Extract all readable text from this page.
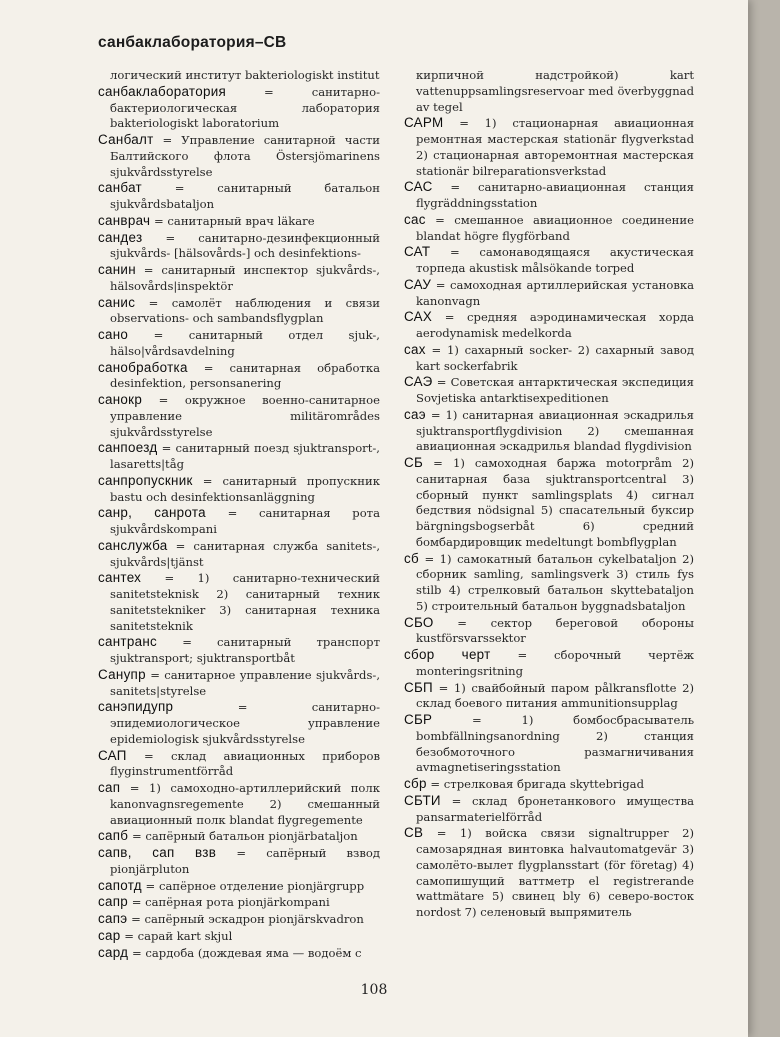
санбаклаборатория–СВ
логический институт bakteriologiskt institut
санбаклаборатория	= санитарно-бактериологическая лаборатория bakteriologiskt laboratorium
Санбалт = Управление санитарной части Балтийского флота Östersjömarinens sjukvårdsstyrelse
санбат	= санитарный батальон sjukvårdsbataljon
санврач = санитарный врач läkare
сандез = санитарно-дезинфекционный sjukvårds- [hälsovårds-] och desinfektions-
санин = санитарный инспектор sjukvårds-, hälsovårds|inspektör
санис = самолёт наблюдения и связи observations- och sambandsflygplan
сано = санитарный отдел sjuk-, hälso|vårdsavdelning
санобработка = санитарная обработка desinfektion, personsanering
санокр = окружное военно-санитарное управление militärområdes sjukvårdsstyrelse
санпоезд = санитарный поезд sjuktransport-, lasaretts|tåg
санпропускник = санитарный пропускник bastu och desinfektionsanläggning
санр, санрота = санитарная рота sjukvårdskompani
санслужба = санитарная служба sanitets-, sjukvårds|tjänst
сантех = 1) санитарно-технический sanitetsteknisk 2) санитарный техник sanitetstekniker 3) санитарная техника sanitetsteknik
сантранс = санитарный транспорт sjuktransport; sjuktransportbåt
Санупр = санитарное управление sjukvårds-, sanitets|styrelse
санэпидупр	= санитарно-эпидемиологическое управление epidemiologisk sjukvårdsstyrelse
САП = склад авиационных приборов flyginstrumentförråd
сап = 1) самоходно-артиллерийский полк kanonvagnsregemente 2) смешанный авиационный полк blandat flygregemente
сапб = сапёрный батальон pionjärbataljon
сапв, сап взв = сапёрный взвод pionjärpluton
сапотд = сапёрное отделение pionjärgrupp
сапр = сапёрная рота pionjärkompani
сапэ = сапёрный эскадрон pionjärskvadron
сар = сарай kart skjul
сард = сардоба (дождевая яма — водоём с
кирпичной надстройкой) kart vattenuppsamlingsreservoar med överbyggnad av tegel
САРМ = 1) стационарная авиационная ремонтная мастерская stationär flygverkstad 2) стационарная авторемонтная мастерская stationär bilreparationsverkstad
САС = санитарно-авиационная станция flygräddningsstation
сас = смешанное авиационное соединение blandat högre flygförband
САТ = самонаводящаяся акустическая торпеда akustisk målsökande torped
САУ = самоходная артиллерийская установка kanonvagn
САХ = средняя аэродинамическая хорда aerodynamisk medelkorda
сах = 1) сахарный socker- 2) сахарный завод kart sockerfabrik
САЭ = Советская антарктическая экспедиция Sovjetiska antarktisexpeditionen
саэ = 1) санитарная авиационная эскадрилья sjuktransportflygdivision 2) смешанная авиационная эскадрилья blandad flygdivision
СБ = 1) самоходная баржа motorpråm 2) санитарная база sjuktransportcentral 3) сборный пункт samlingsplats 4) сигнал бедствия nödsignal 5) спасательный буксир bärgningsbogserbåt 6) средний бомбардировщик medeltungt bombflygplan
сб = 1) самокатный батальон cykelbataljon 2) сборник samling, samlingsverk 3) стиль fys stilb 4) стрелковый батальон skyttebataljon 5) строительный батальон byggnadsbataljon
СБО = сектор береговой обороны kustförsvarssektor
сбор черт = сборочный чертёж monteringsritning
СБП = 1) свайбойный паром pålkransflotte 2) склад боевого питания ammunitionsupplag
СБР	= 1) бомбосбрасыватель bombfällningsanordning 2) станция безобмоточного размагничивания avmagnetiseringsstation
сбр = стрелковая бригада skyttebrigad
СБТИ = склад бронетанкового имущества pansarmaterielförråd
СВ = 1) войска связи signaltrupper 2) самозарядная винтовка halvautomatgevär 3) самолёто-вылет flygplansstart (för företag) 4) самопишущий ваттметр el registrerande wattmätare 5) свинец bly 6) северо-восток nordost 7) селеновый выпрямитель
108
